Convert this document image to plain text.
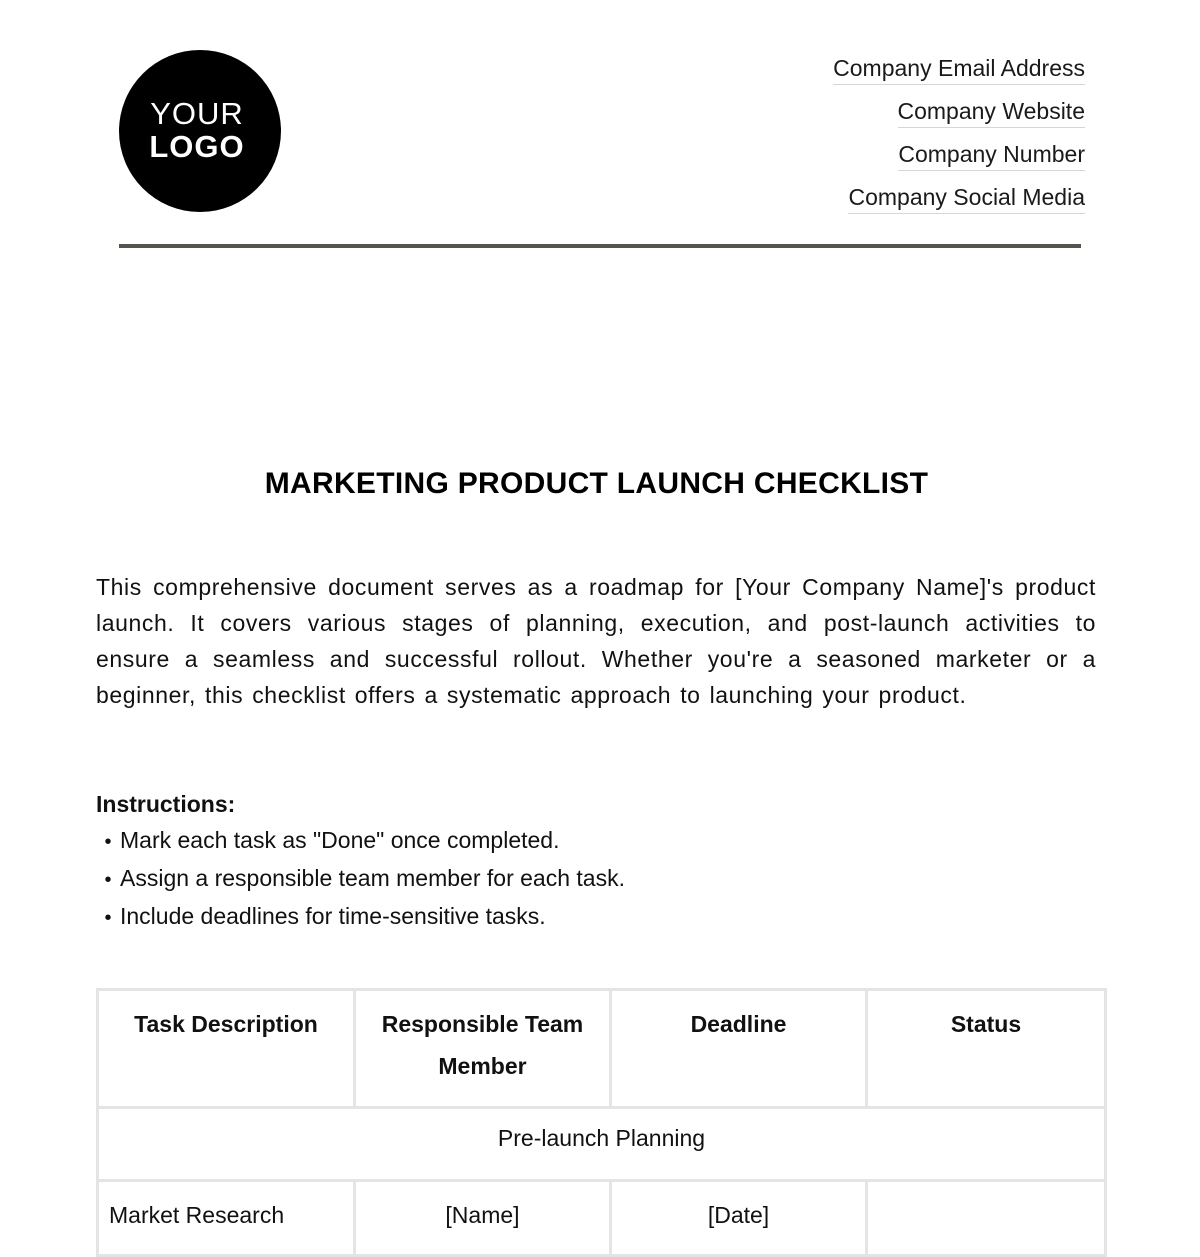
YOUR
LOGO
Company Email Address
Company Website
Company Number
Company Social Media
MARKETING PRODUCT LAUNCH CHECKLIST

This comprehensive document serves as a roadmap for [Your Company Name]'s product launch. It covers various stages of planning, execution, and post-launch activities to ensure a seamless and successful rollout. Whether you're a seasoned marketer or a beginner, this checklist offers a systematic approach to launching your product.

Instructions:
• Mark each task as "Done" once completed.
• Assign a responsible team member for each task.
• Include deadlines for time-sensitive tasks.
Task Description	Responsible Team Member	Deadline	Status
Pre-launch Planning			
Market Research	[Name]	[Date]	
